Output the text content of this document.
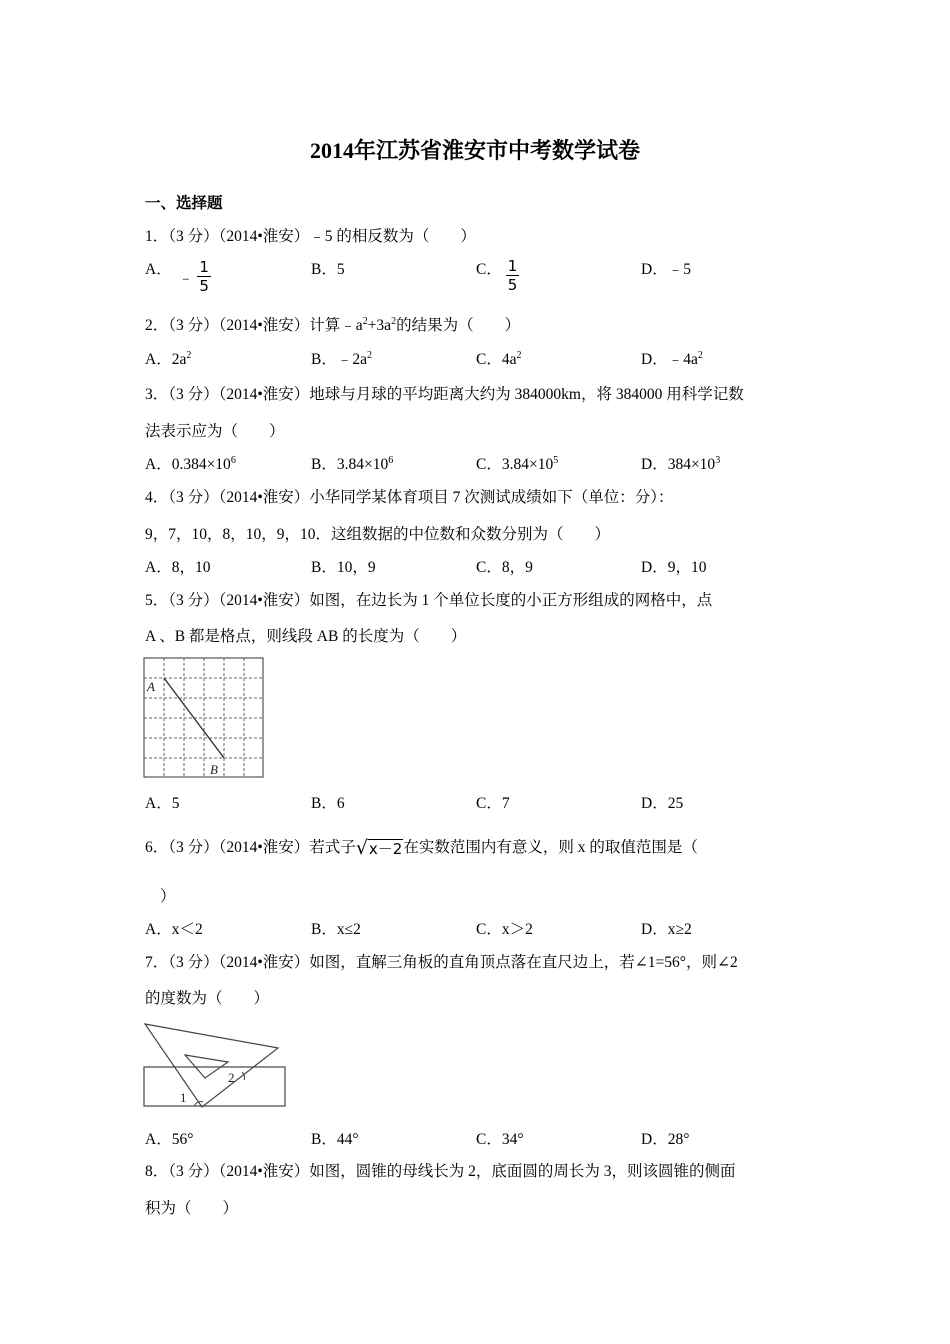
2014年江苏省淮安市中考数学试卷
一、选择题
1．（3 分）（2014•淮安）﹣5 的相反数为（　　）
A． ﹣ $\frac{1}{5}$	B．5	C． $\frac{1}{5}$	D．﹣5
2．（3 分）（2014•淮安）计算$﹣a^2+3a^2$的结果为（　　）
A．$2a^2$	B．$﹣2a^2$	C．$4a^2$	D．$﹣4a^2$
3．（3 分）（2014•淮安）地球与月球的平均距离大约为 384000km，将 384000 用科学记数
法表示应为（　　）
A．$0.384\times 10^6$	B．$3.84\times 10^6$	C．$3.84\times 10^5$	D．$384\times 10^3$
4．（3 分）（2014•淮安）小华同学某体育项目 7 次测试成绩如下（单位：分）：
9，7，10，8，10，9，10．这组数据的中位数和众数分别为（　　）
A．8，10	B．10，9	C．8，9	D．9，10
5．（3 分）（2014•淮安）如图，在边长为 1 个单位长度的小正方形组成的网格中，点
A 、B 都是格点，则线段 AB 的长度为（　　）
A
B
A．5	B．6	C．7	D．25
6．（3 分）（2014•淮安）若式子√x－2在实数范围内有意义，则 x 的取值范围是（
）
A．x＜2	B．x≤2	C．x＞2	D．x≥2
7．（3 分）（2014•淮安）如图，直解三角板的直角顶点落在直尺边上，若∠1=56°，则∠2
的度数为（　　）
1
2
A．56°	B．44°	C．34°	D．28°
8．（3 分）（2014•淮安）如图，圆锥的母线长为 2，底面圆的周长为 3，则该圆锥的侧面
积为（　　）
